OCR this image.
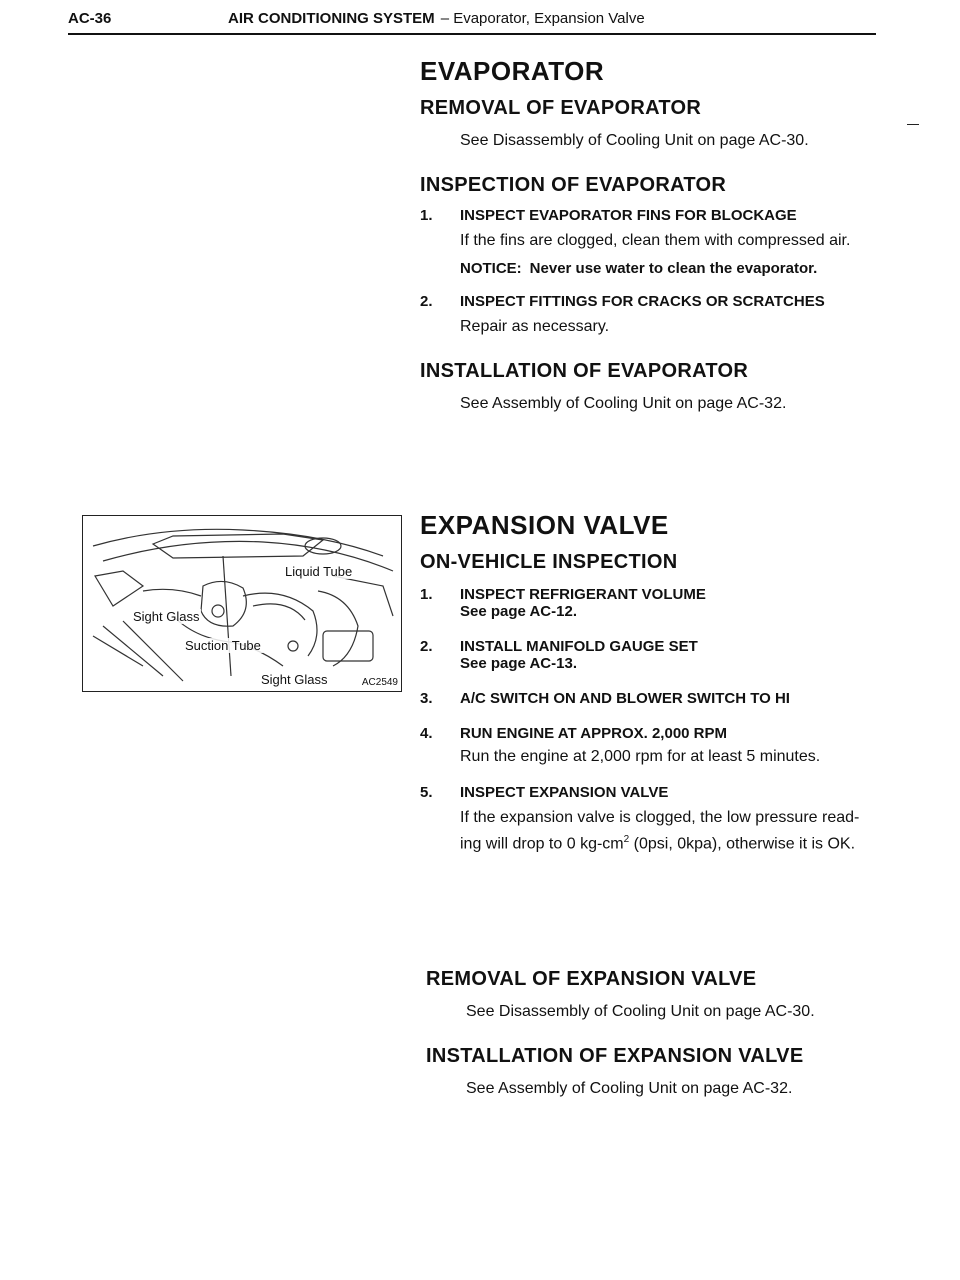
AC-36	AIR CONDITIONING SYSTEM – Evaporator, Expansion Valve
EVAPORATOR
REMOVAL OF EVAPORATOR
See Disassembly of Cooling Unit on page AC-30.
INSPECTION OF EVAPORATOR
1.	INSPECT EVAPORATOR FINS FOR BLOCKAGE
If the fins are clogged, clean them with compressed air.
NOTICE: Never use water to clean the evaporator.
2.	INSPECT FITTINGS FOR CRACKS OR SCRATCHES
Repair as necessary.
INSTALLATION OF EVAPORATOR
See Assembly of Cooling Unit on page AC-32.
Liquid Tube
Sight Glass
Suction Tube
Sight Glass	AC2549
EXPANSION VALVE
ON-VEHICLE INSPECTION
1.	INSPECT REFRIGERANT VOLUME
See page AC-12.
2.	INSTALL MANIFOLD GAUGE SET
See page AC-13.
3.	A/C SWITCH ON AND BLOWER SWITCH TO HI
4.	RUN ENGINE AT APPROX. 2,000 RPM
Run the engine at 2,000 rpm for at least 5 minutes.
5.	INSPECT EXPANSION VALVE
If the expansion valve is clogged, the low pressure read-
ing will drop to 0 $kg-cm^2$ (0psi, 0kpa), otherwise it is OK.
REMOVAL OF EXPANSION VALVE
See Disassembly of Cooling Unit on page AC-30.
INSTALLATION OF EXPANSION VALVE
See Assembly of Cooling Unit on page AC-32.
